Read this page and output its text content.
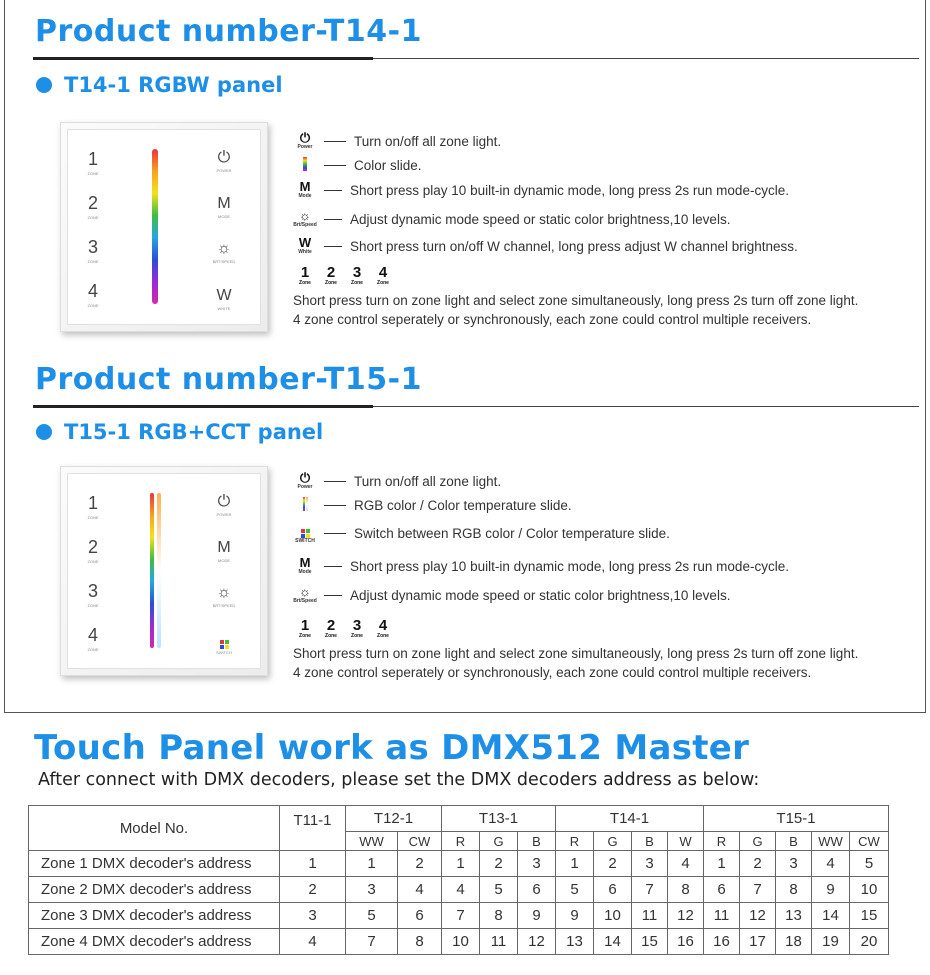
Product number-T14-1
T14-1 RGBW panel
1
ZONE
2
ZONE
3
ZONE
4
ZONE
⏻
POWER
M
MODE
☼
BRT/SPEED
W
WHITE
⏻
Power	Turn on/off all zone light.
Color slide.
M
Mode	Short press play 10 built-in dynamic mode, long press 2s run mode-cycle.
☼
Brt/Speed Adjust dynamic mode speed or static color brightness,10 levels.
W
White	Short press turn on/off W channel, long press adjust W channel brightness.
1
Zone
2
Zone
3
Zone
4
Zone
Short press turn on zone light and select zone simultaneously, long press 2s turn off zone light.
4 zone control seperately or synchronously, each zone could control multiple receivers.
Product number-T15-1
T15-1 RGB+CCT panel
1
ZONE
2
ZONE
3
ZONE
4
ZONE
⏻
POWER
M
MODE
☼
BRT/SPEED
SWITCH
⏻
Power	Turn on/off all zone light.
RGB color / Color temperature slide.
SWITCH	Switch between RGB color / Color temperature slide.
M
Mode	Short press play 10 built-in dynamic mode, long press 2s run mode-cycle.
☼
Brt/Speed Adjust dynamic mode speed or static color brightness,10 levels.
1
Zone
2
Zone
3
Zone
4
Zone
Short press turn on zone light and select zone simultaneously, long press 2s turn off zone light.
4 zone control seperately or synchronously, each zone could control multiple receivers.
Touch Panel work as DMX512 Master
After connect with DMX decoders, please set the DMX decoders address as below:
Model No.	T11-1	T12-1		T13-1			T14-1				T15-1				
		WW	CW	R	G	B	R	G	B	W	R	G	B	WW	CW
Zone 1 DMX decoder's address	1	1	2	1	2	3	1	2	3	4	1	2	3	4	5
Zone 2 DMX decoder's address	2	3	4	4	5	6	5	6	7	8	6	7	8	9	10
Zone 3 DMX decoder's address	3	5	6	7	8	9	9	10	11	12	11	12	13	14	15
Zone 4 DMX decoder's address	4	7	8	10	11	12	13	14	15	16	16	17	18	19	20
